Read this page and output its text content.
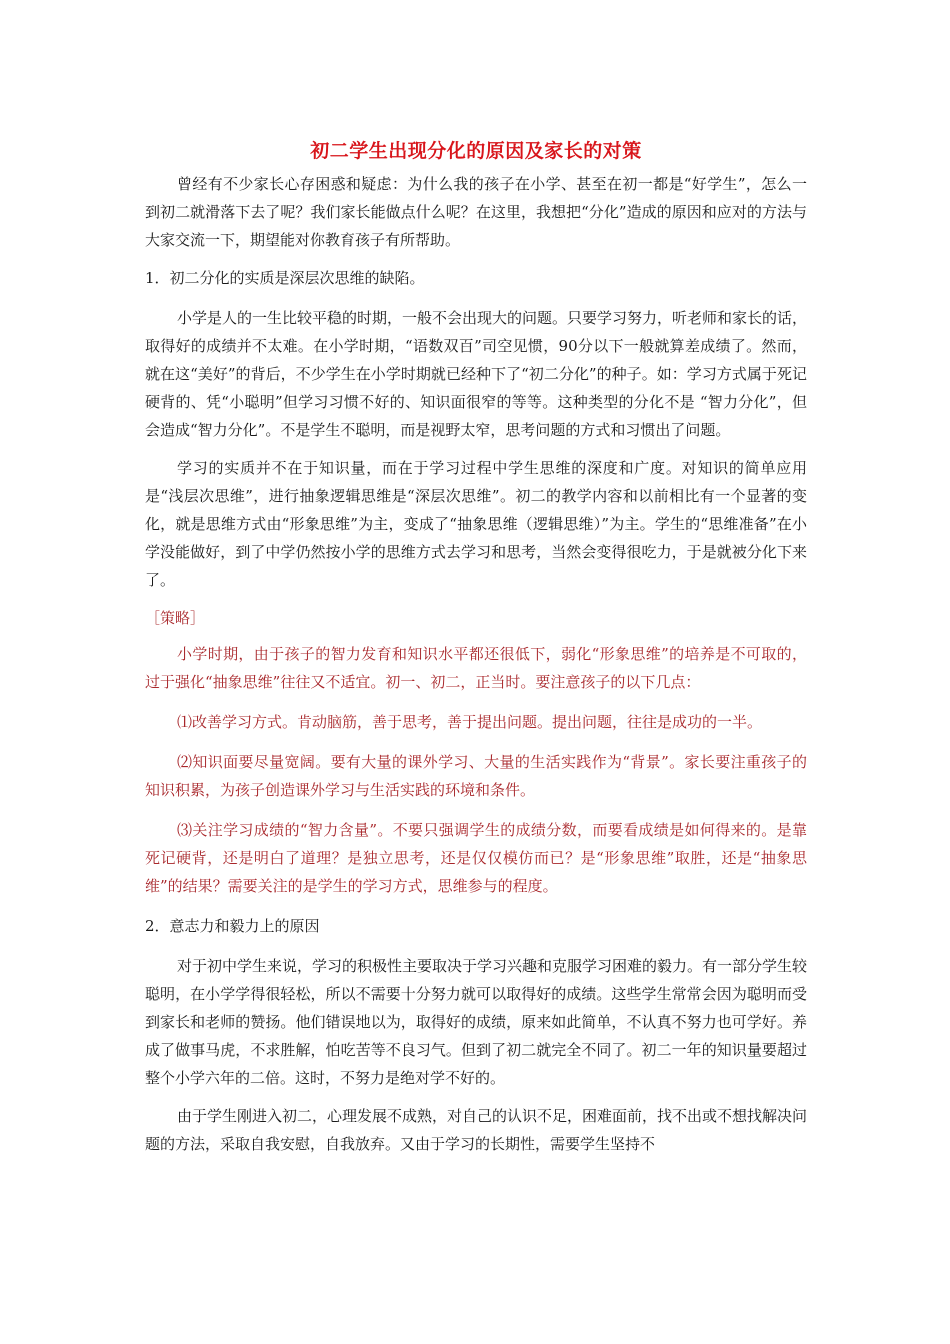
初二学生出现分化的原因及家长的对策

曾经有不少家长心存困惑和疑虑：为什么我的孩子在小学、甚至在初一都是“好学生”，怎么一到初二就滑落下去了呢？我们家长能做点什么呢？在这里，我想把“分化”造成的原因和应对的方法与大家交流一下，期望能对你教育孩子有所帮助。

1．初二分化的实质是深层次思维的缺陷。

小学是人的一生比较平稳的时期，一般不会出现大的问题。只要学习努力，听老师和家长的话，取得好的成绩并不太难。在小学时期，“语数双百”司空见惯，90分以下一般就算差成绩了。然而，就在这“美好”的背后，不少学生在小学时期就已经种下了“初二分化”的种子。如：学习方式属于死记硬背的、凭“小聪明”但学习习惯不好的、知识面很窄的等等。这种类型的分化不是 “智力分化”，但会造成“智力分化”。不是学生不聪明，而是视野太窄，思考问题的方式和习惯出了问题。

学习的实质并不在于知识量，而在于学习过程中学生思维的深度和广度。对知识的简单应用是“浅层次思维”，进行抽象逻辑思维是“深层次思维”。初二的教学内容和以前相比有一个显著的变化，就是思维方式由“形象思维”为主，变成了“抽象思维（逻辑思维）”为主。学生的“思维准备”在小学没能做好，到了中学仍然按小学的思维方式去学习和思考，当然会变得很吃力，于是就被分化下来了。

［策略］

小学时期，由于孩子的智力发育和知识水平都还很低下，弱化“形象思维”的培养是不可取的，过于强化“抽象思维”往往又不适宜。初一、初二，正当时。要注意孩子的以下几点：

⑴改善学习方式。肯动脑筋，善于思考，善于提出问题。提出问题，往往是成功的一半。

⑵知识面要尽量宽阔。要有大量的课外学习、大量的生活实践作为“背景”。家长要注重孩子的知识积累，为孩子创造课外学习与生活实践的环境和条件。

⑶关注学习成绩的“智力含量”。不要只强调学生的成绩分数，而要看成绩是如何得来的。是靠死记硬背，还是明白了道理？是独立思考，还是仅仅模仿而已？是“形象思维”取胜，还是“抽象思维”的结果？需要关注的是学生的学习方式，思维参与的程度。

2．意志力和毅力上的原因

对于初中学生来说，学习的积极性主要取决于学习兴趣和克服学习困难的毅力。有一部分学生较聪明，在小学学得很轻松，所以不需要十分努力就可以取得好的成绩。这些学生常常会因为聪明而受到家长和老师的赞扬。他们错误地以为，取得好的成绩，原来如此简单，不认真不努力也可学好。养成了做事马虎，不求胜解，怕吃苦等不良习气。但到了初二就完全不同了。初二一年的知识量要超过整个小学六年的二倍。这时，不努力是绝对学不好的。

由于学生刚进入初二，心理发展不成熟，对自己的认识不足，困难面前，找不出或不想找解决问题的方法，采取自我安慰，自我放弃。又由于学习的长期性，需要学生坚持不
